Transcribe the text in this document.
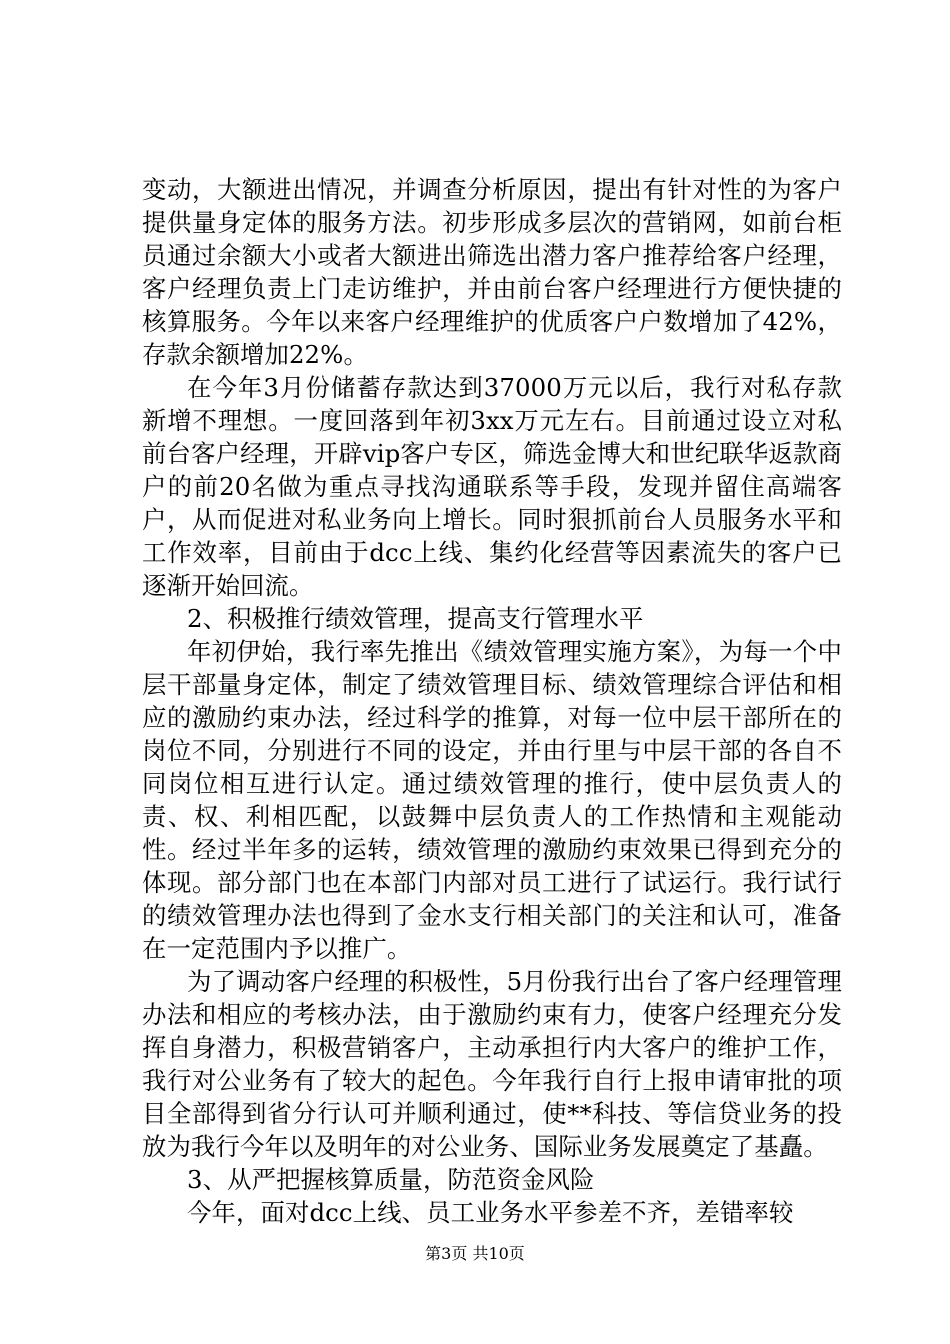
变动，大额进出情况，并调查分析原因，提出有针对性的为客户提供量身定体的服务方法。初步形成多层次的营销网，如前台柜员通过余额大小或者大额进出筛选出潜力客户推荐给客户经理，客户经理负责上门走访维护，并由前台客户经理进行方便快捷的核算服务。今年以来客户经理维护的优质客户户数增加了42%，存款余额增加22%。

在今年3月份储蓄存款达到37000万元以后，我行对私存款新增不理想。一度回落到年初3xx万元左右。目前通过设立对私前台客户经理，开辟vip客户专区，筛选金博大和世纪联华返款商户的前20名做为重点寻找沟通联系等手段，发现并留住高端客户，从而促进对私业务向上增长。同时狠抓前台人员服务水平和工作效率，目前由于dcc上线、集约化经营等因素流失的客户已逐渐开始回流。

2、积极推行绩效管理，提高支行管理水平

年初伊始，我行率先推出《绩效管理实施方案》，为每一个中层干部量身定体，制定了绩效管理目标、绩效管理综合评估和相应的激励约束办法，经过科学的推算，对每一位中层干部所在的岗位不同，分别进行不同的设定，并由行里与中层干部的各自不同岗位相互进行认定。通过绩效管理的推行，使中层负责人的责、权、利相匹配，以鼓舞中层负责人的工作热情和主观能动性。经过半年多的运转，绩效管理的激励约束效果已得到充分的体现。部分部门也在本部门内部对员工进行了试运行。我行试行的绩效管理办法也得到了金水支行相关部门的关注和认可，准备在一定范围内予以推广。

为了调动客户经理的积极性，5月份我行出台了客户经理管理办法和相应的考核办法，由于激励约束有力，使客户经理充分发挥自身潜力，积极营销客户，主动承担行内大客户的维护工作，我行对公业务有了较大的起色。今年我行自行上报申请审批的项目全部得到省分行认可并顺利通过，使**科技、等信贷业务的投放为我行今年以及明年的对公业务、国际业务发展奠定了基矗。

3、从严把握核算质量，防范资金风险

今年，面对dcc上线、员工业务水平参差不齐，差错率较

第3页 共10页
